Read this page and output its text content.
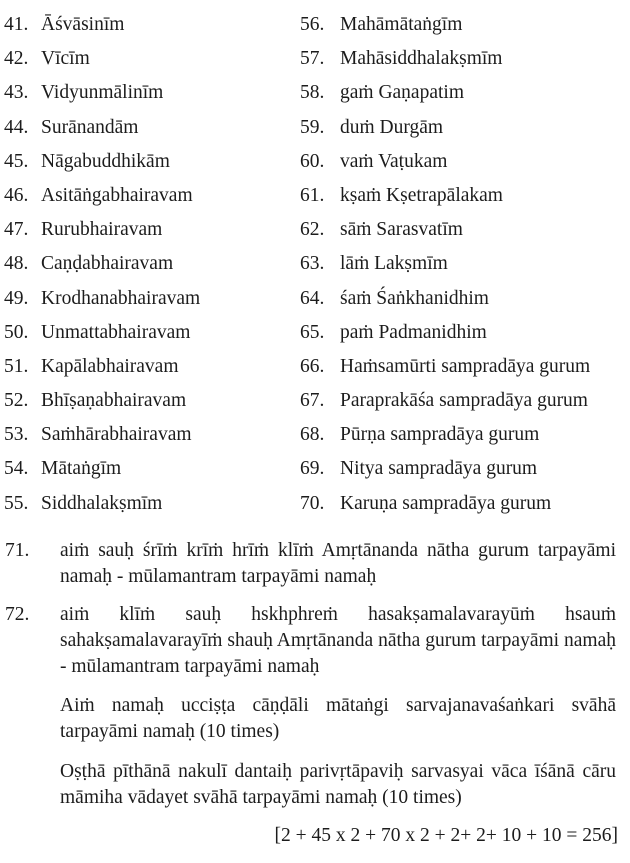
41. Āśvāsinīm
42. Vīcīm
43. Vidyunmālinīm
44. Surānandām
45. Nāgabuddhikām
46. Asitāṅgabhairavam
47. Rurubhairavam
48. Caṇḍabhairavam
49. Krodhanabhairavam
50. Unmattabhairavam
51. Kapālabhairavam
52. Bhīṣaṇabhairavam
53. Saṁhārabhairavam
54. Mātaṅgīm
55. Siddhalakṣmīm
56. Mahāmātaṅgīm
57. Mahāsiddhalakṣmīm
58. gaṁ Gaṇapatim
59. duṁ Durgām
60. vaṁ Vaṭukam
61. kṣaṁ Kṣetrapālakam
62. sāṁ Sarasvatīm
63. lāṁ Lakṣmīm
64. śaṁ Śaṅkhanidhim
65. paṁ Padmanidhim
66. Haṁsamūrti sampradāya gurum
67. Paraprakāśa sampradāya gurum
68. Pūrṇa sampradāya gurum
69. Nitya sampradāya gurum
70. Karuṇa sampradāya gurum
71. aiṁ sauḥ śrīṁ krīṁ hrīṁ klīṁ Amṛtānanda nātha gurum tarpayāmi namaḥ - mūlamantram tarpayāmi namaḥ
72. aiṁ klīṁ sauḥ hskhphreṁ hasakṣamalavarayūṁ hsauṁ sahakṣamalavarayīṁ shauḥ Amṛtānanda nātha gurum tarpayāmi namaḥ - mūlamantram tarpayāmi namaḥ
Aiṁ namaḥ ucciṣṭa cāṇḍāli mātaṅgi sarvajanavaśaṅkari svāhā tarpayāmi namaḥ (10 times)
Oṣṭhā pīthānā nakulī dantaiḥ parivṛtāpaviḥ sarvasyai vāca īśānā cāru māmiha vādayet svāhā tarpayāmi namaḥ (10 times)
[2 + 45 x 2 + 70 x 2 + 2+ 2+ 10 + 10 = 256]
